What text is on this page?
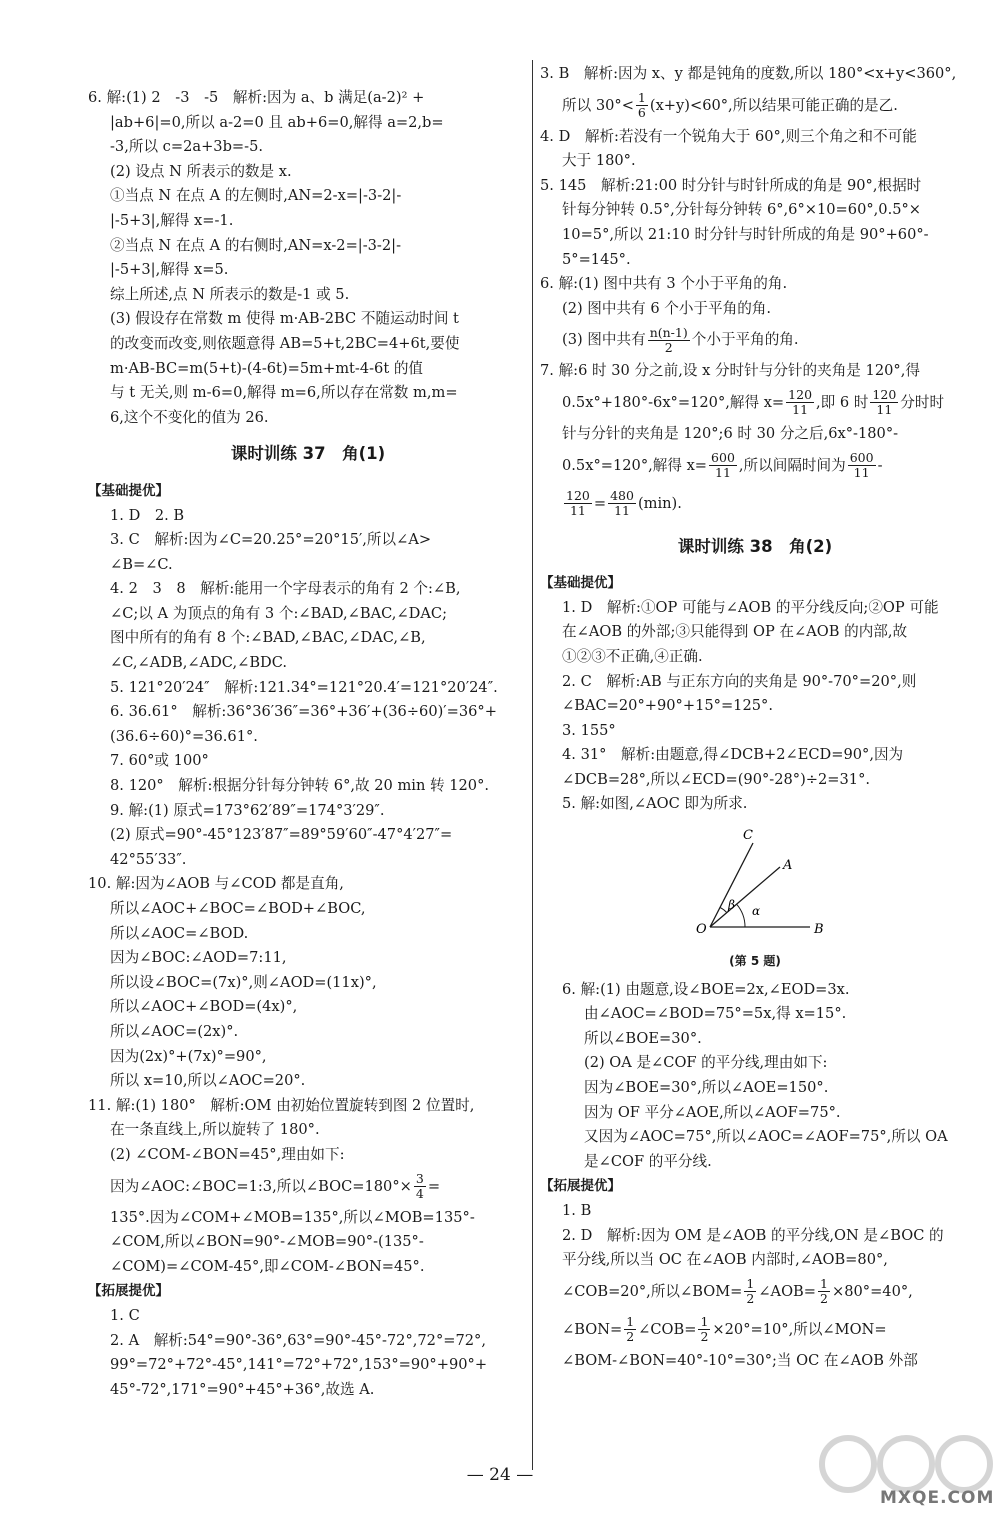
6. 解:(1) 2　-3　-5　解析:因为 a、b 满足(a-2)² +
|ab+6|=0,所以 a-2=0 且 ab+6=0,解得 a=2,b=
-3,所以 c=2a+3b=-5.
(2) 设点 N 所表示的数是 x.
①当点 N 在点 A 的左侧时,AN=2-x=|-3-2|-
|-5+3|,解得 x=-1.
②当点 N 在点 A 的右侧时,AN=x-2=|-3-2|-
|-5+3|,解得 x=5.
综上所述,点 N 所表示的数是-1 或 5.
(3) 假设存在常数 m 使得 m·AB-2BC 不随运动时间 t
的改变而改变,则依题意得 AB=5+t,2BC=4+6t,要使
m·AB-BC=m(5+t)-(4-6t)=5m+mt-4-6t 的值
与 t 无关,则 m-6=0,解得 m=6,所以存在常数 m,m=
6,这个不变化的值为 26.
课时训练 37　角(1)
【基础提优】
1. D　2. B
3. C　解析:因为∠C=20.25°=20°15′,所以∠A>
∠B=∠C.
4. 2　3　8　解析:能用一个字母表示的角有 2 个:∠B,
∠C;以 A 为顶点的角有 3 个:∠BAD,∠BAC,∠DAC;
图中所有的角有 8 个:∠BAD,∠BAC,∠DAC,∠B,
∠C,∠ADB,∠ADC,∠BDC.
5. 121°20′24″　解析:121.34°=121°20.4′=121°20′24″.
6. 36.61°　解析:36°36′36″=36°+36′+(36÷60)′=36°+
(36.6÷60)°=36.61°.
7. 60°或 100°
8. 120°　解析:根据分针每分钟转 6°,故 20 min 转 120°.
9. 解:(1) 原式=173°62′89″=174°3′29″.
(2) 原式=90°-45°123′87″=89°59′60″-47°4′27″=
42°55′33″.
10. 解:因为∠AOB 与∠COD 都是直角,
所以∠AOC+∠BOC=∠BOD+∠BOC,
所以∠AOC=∠BOD.
因为∠BOC:∠AOD=7:11,
所以设∠BOC=(7x)°,则∠AOD=(11x)°,
所以∠AOC+∠BOD=(4x)°,
所以∠AOC=(2x)°.
因为(2x)°+(7x)°=90°,
所以 x=10,所以∠AOC=20°.
11. 解:(1) 180°　解析:OM 由初始位置旋转到图 2 位置时,
在一条直线上,所以旋转了 180°.
(2) ∠COM-∠BON=45°,理由如下:
因为∠AOC:∠BOC=1:3,所以∠BOC=180°× $\frac{3}{4}$ =
135°.因为∠COM+∠MOB=135°,所以∠MOB=135°-
∠COM,所以∠BON=90°-∠MOB=90°-(135°-
∠COM)=∠COM-45°,即∠COM-∠BON=45°.
【拓展提优】
1. C
2. A　解析:54°=90°-36°,63°=90°-45°-72°,72°=72°,
99°=72°+72°-45°,141°=72°+72°,153°=90°+90°+
45°-72°,171°=90°+45°+36°,故选 A.
3. B　解析:因为 x、y 都是钝角的度数,所以 180°<x+y<360°,
所以 $30^\circ< \frac{1}{6} (x+y)<60^\circ$,所以结果可能正确的是乙.
4. D　解析:若没有一个锐角大于 60°,则三个角之和不可能
大于 180°.
5. 145　解析:21:00 时分针与时针所成的角是 90°,根据时
针每分钟转 0.5°,分针每分钟转 6°,6°×10=60°,0.5°×
10=5°,所以 21:10 时分针与时针所成的角是 90°+60°-
5°=145°.
6. 解:(1) 图中共有 3 个小于平角的角.
(2) 图中共有 6 个小于平角的角.
(3) 图中共有 $\frac{n(n-1)}{2}$ 个小于平角的角.
7. 解:6 时 30 分之前,设 x 分时针与分针的夹角是 120°,得
0.5x°+180°-6x°=120°,解得 $x= \frac{120}{11}$ ,即 6 时 $\frac{120}{11}$ 分时时
针与分针的夹角是 120°;6 时 30 分之后,6x°-180°-
0.5x°=120°,解得 $x= \frac{600}{11}$ ,所以间隔时间为 $\frac{600}{11}$ -
$\frac{120}{11} = \frac{480}{11} (\min)$.
课时训练 38　角(2)
【基础提优】
1. D　解析:①OP 可能与∠AOB 的平分线反向;②OP 可能
在∠AOB 的外部;③只能得到 OP 在∠AOB 的内部,故
①②③不正确,④正确.
2. C　解析:AB 与正东方向的夹角是 90°-70°=20°,则
∠BAC=20°+90°+15°=125°.
3. 155°
4. 31°　解析:由题意,得∠DCB+2∠ECD=90°,因为
∠DCB=28°,所以∠ECD=(90°-28°)÷2=31°.
5. 解:如图,∠AOC 即为所求.
C
A
O	B
α
β
(第 5 题)
6. 解:(1) 由题意,设∠BOE=2x,∠EOD=3x.
由∠AOC=∠BOD=75°=5x,得 x=15°.
所以∠BOE=30°.
(2) OA 是∠COF 的平分线,理由如下:
因为∠BOE=30°,所以∠AOE=150°.
因为 OF 平分∠AOE,所以∠AOF=75°.
又因为∠AOC=75°,所以∠AOC=∠AOF=75°,所以 OA
是∠COF 的平分线.
【拓展提优】
1. B
2. D　解析:因为 OM 是∠AOB 的平分线,ON 是∠BOC 的
平分线,所以当 OC 在∠AOB 内部时,∠AOB=80°,
∠COB=20°,所以∠BOM= $\frac{1}{2}$ ∠AOB= $\frac{1}{2} \times 80^\circ=40^\circ$,
∠BON= $\frac{1}{2}$ ∠COB= $\frac{1}{2} \times 20^\circ=10^\circ$,所以∠MON=
∠BOM-∠BON=40°-10°=30°;当 OC 在∠AOB 外部
— 24 —
MXQE.COM
